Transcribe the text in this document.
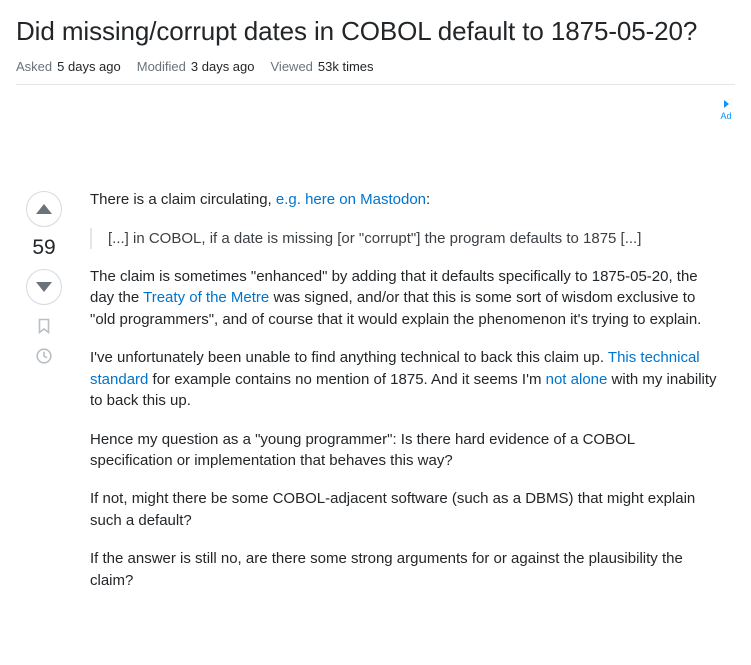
Did missing/corrupt dates in COBOL default to 1875-05-20?
Asked 5 days ago Modified 3 days ago Viewed 53k times
Ad
59

There is a claim circulating, e.g. here on Mastodon:

[...] in COBOL, if a date is missing [or "corrupt"] the program defaults to 1875 [...]

The claim is sometimes "enhanced" by adding that it defaults specifically to 1875-05-20, the day the Treaty of the Metre was signed, and/or that this is some sort of wisdom exclusive to "old programmers", and of course that it would explain the phenomenon it's trying to explain.

I've unfortunately been unable to find anything technical to back this claim up. This technical standard for example contains no mention of 1875. And it seems I'm not alone with my inability to back this up.

Hence my question as a "young programmer": Is there hard evidence of a COBOL specification or implementation that behaves this way?

If not, might there be some COBOL-adjacent software (such as a DBMS) that might explain such a default?

If the answer is still no, are there some strong arguments for or against the plausibility the claim?
